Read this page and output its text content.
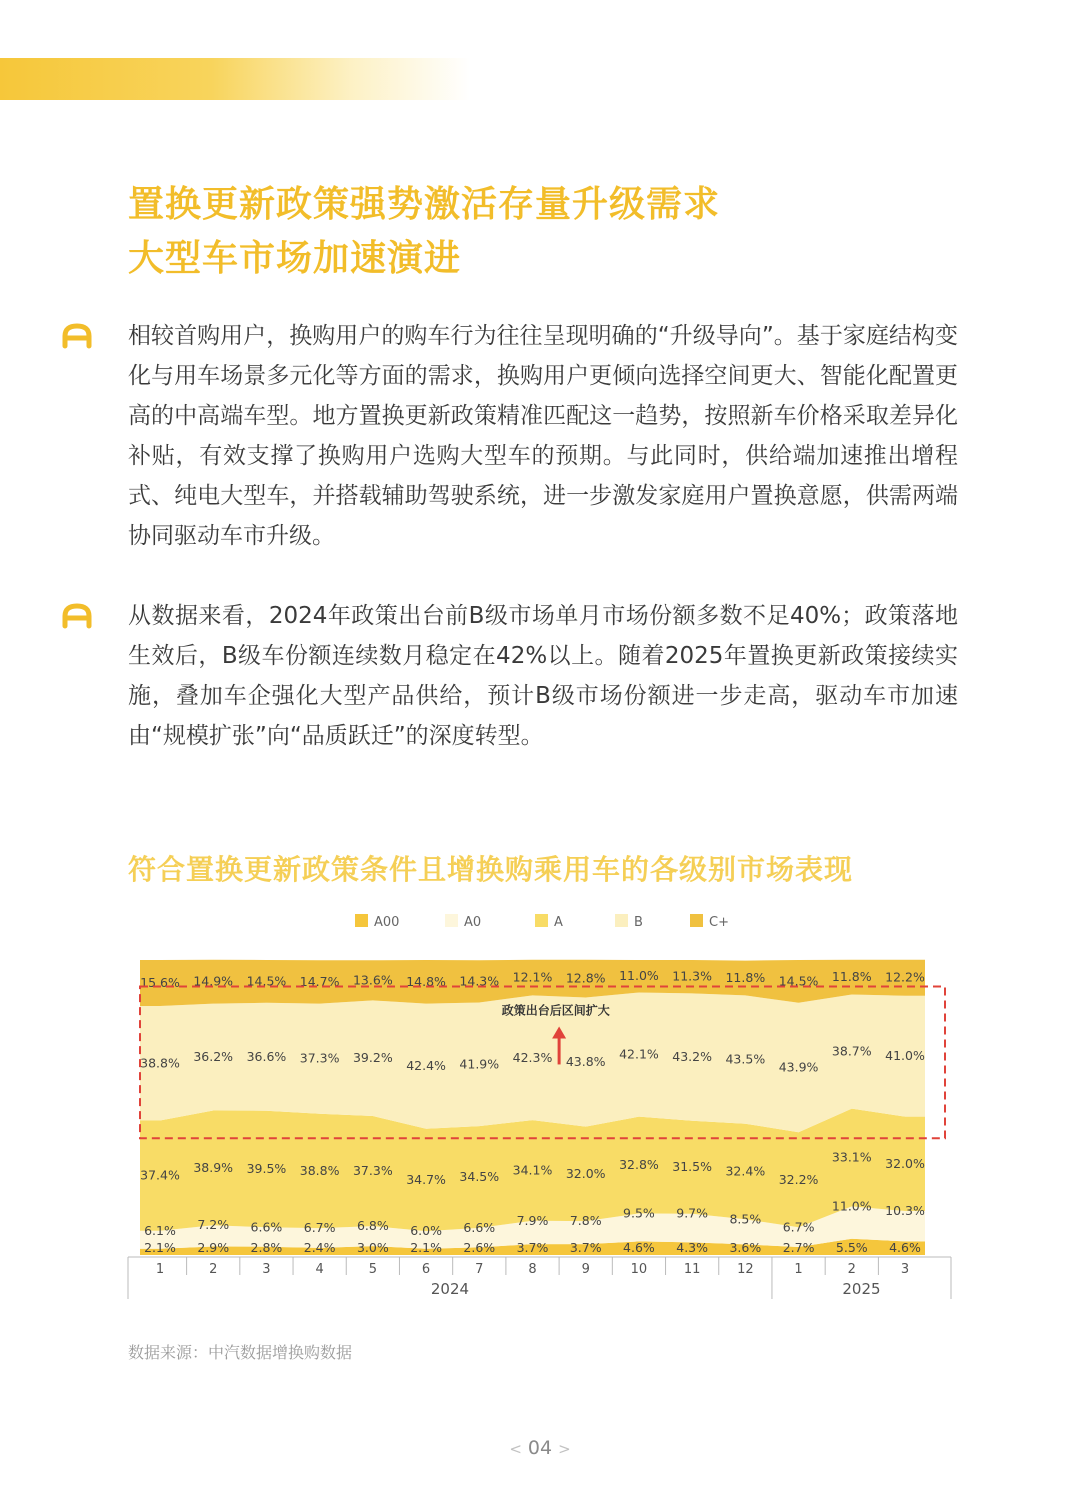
置换更新政策强势激活存量升级需求
大型车市场加速演进
相较首购用户，换购用户的购车行为往往呈现明确的“升级导向”。基于家庭结构变化与用车场景多元化等方面的需求，换购用户更倾向选择空间更大、智能化配置更高的中高端车型。地方置换更新政策精准匹配这一趋势，按照新车价格采取差异化补贴，有效支撑了换购用户选购大型车的预期。与此同时，供给端加速推出增程式、纯电大型车，并搭载辅助驾驶系统，进一步激发家庭用户置换意愿，供需两端协同驱动车市升级。
从数据来看，2024年政策出台前B级市场单月市场份额多数不足40%；政策落地生效后，B级车份额连续数月稳定在42%以上。随着2025年置换更新政策接续实施，叠加车企强化大型产品供给，预计B级市场份额进一步走高，驱动车市加速由“规模扩张”向“品质跃迁”的深度转型。
符合置换更新政策条件且增换购乘用车的各级别市场表现
A00	A0	A	B	C+
2.1% 2.9% 2.8% 2.4% 3.0% 2.1% 2.6% 3.7% 3.7% 4.6% 4.3% 3.6% 2.7% 5.5% 4.6%
6.1% 7.2% 6.6% 6.7% 6.8% 6.0% 6.6% 7.9% 7.8%
9.5% 9.7% 8.5%
6.7%
11.0% 10.3%
37.4%
38.9% 39.5% 38.8% 37.3%
34.7% 34.5% 34.1% 32.0%
32.8% 31.5% 32.4%
32.2%
33.1% 32.0%
38.8% 36.2% 36.6% 37.3% 39.2%
42.4% 41.9% 42.3% 43.8%
42.1% 43.2% 43.5%
43.9%
38.7% 41.0%
15.6% 14.9% 14.5% 14.7% 13.6% 14.8% 14.3% 12.1% 12.8% 11.0% 11.3% 11.8% 14.5% 11.8% 12.2%
政策出台后区间扩大
1	2	3	4	5	6	7	8	9	10	11	12	1	2	3
2024	2025
数据来源：中汽数据增换购数据
< 04 >
